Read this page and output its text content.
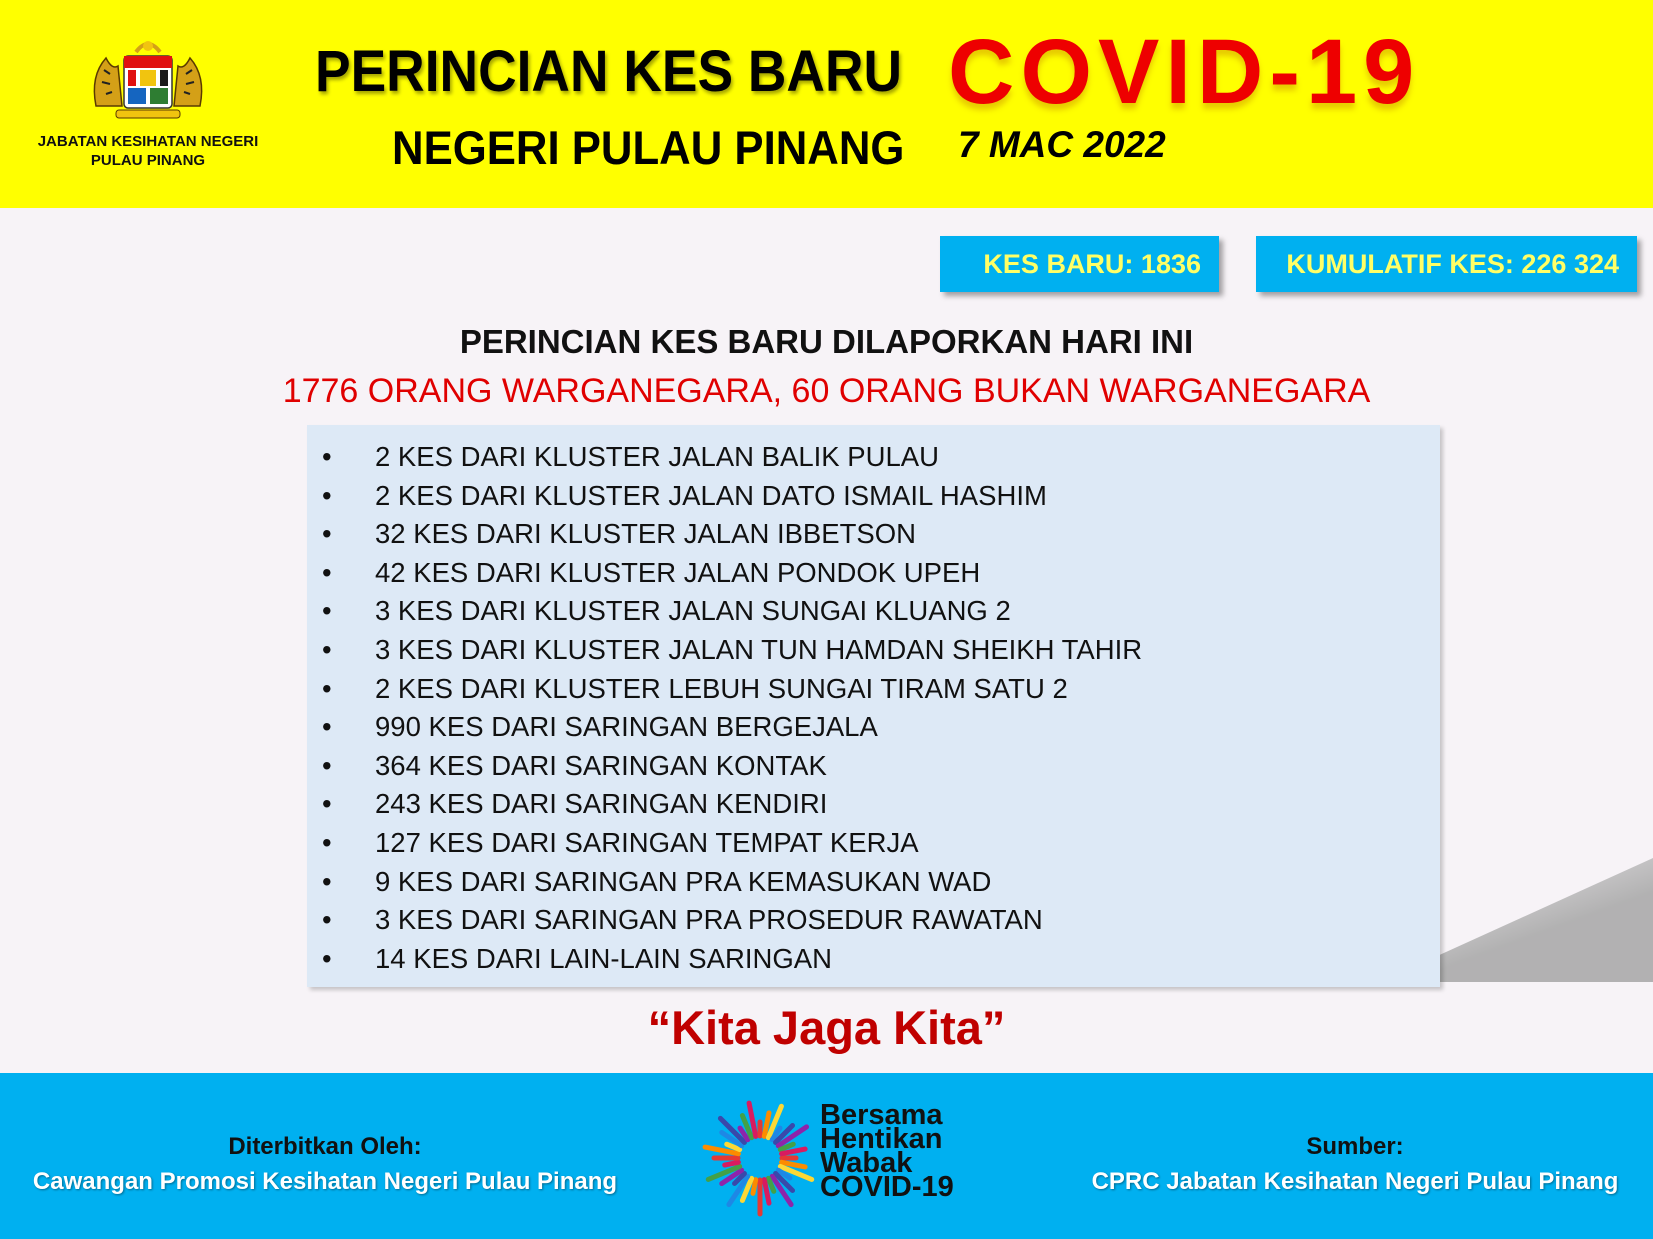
JABATAN KESIHATAN NEGERI
PULAU PINANG
PERINCIAN KES BARU COVID-19
NEGERI PULAU PINANG 7 MAC 2022
KES BARU: 1836	KUMULATIF KES: 226 324
PERINCIAN KES BARU DILAPORKAN HARI INI
1776 ORANG WARGANEGARA, 60 ORANG BUKAN WARGANEGARA
• 2 KES DARI KLUSTER JALAN BALIK PULAU
• 2 KES DARI KLUSTER JALAN DATO ISMAIL HASHIM
• 32 KES DARI KLUSTER JALAN IBBETSON
• 42 KES DARI KLUSTER JALAN PONDOK UPEH
• 3 KES DARI KLUSTER JALAN SUNGAI KLUANG 2
• 3 KES DARI KLUSTER JALAN TUN HAMDAN SHEIKH TAHIR
• 2 KES DARI KLUSTER LEBUH SUNGAI TIRAM SATU 2
• 990 KES DARI SARINGAN BERGEJALA
• 364 KES DARI SARINGAN KONTAK
• 243 KES DARI SARINGAN KENDIRI
• 127 KES DARI SARINGAN TEMPAT KERJA
• 9 KES DARI SARINGAN PRA KEMASUKAN WAD
• 3 KES DARI SARINGAN PRA PROSEDUR RAWATAN
• 14 KES DARI LAIN-LAIN SARINGAN
“Kita Jaga Kita”
Diterbitkan Oleh:
Cawangan Promosi Kesihatan Negeri Pulau Pinang
Bersama
Hentikan
Wabak
COVID-19
Sumber:
CPRC Jabatan Kesihatan Negeri Pulau Pinang
